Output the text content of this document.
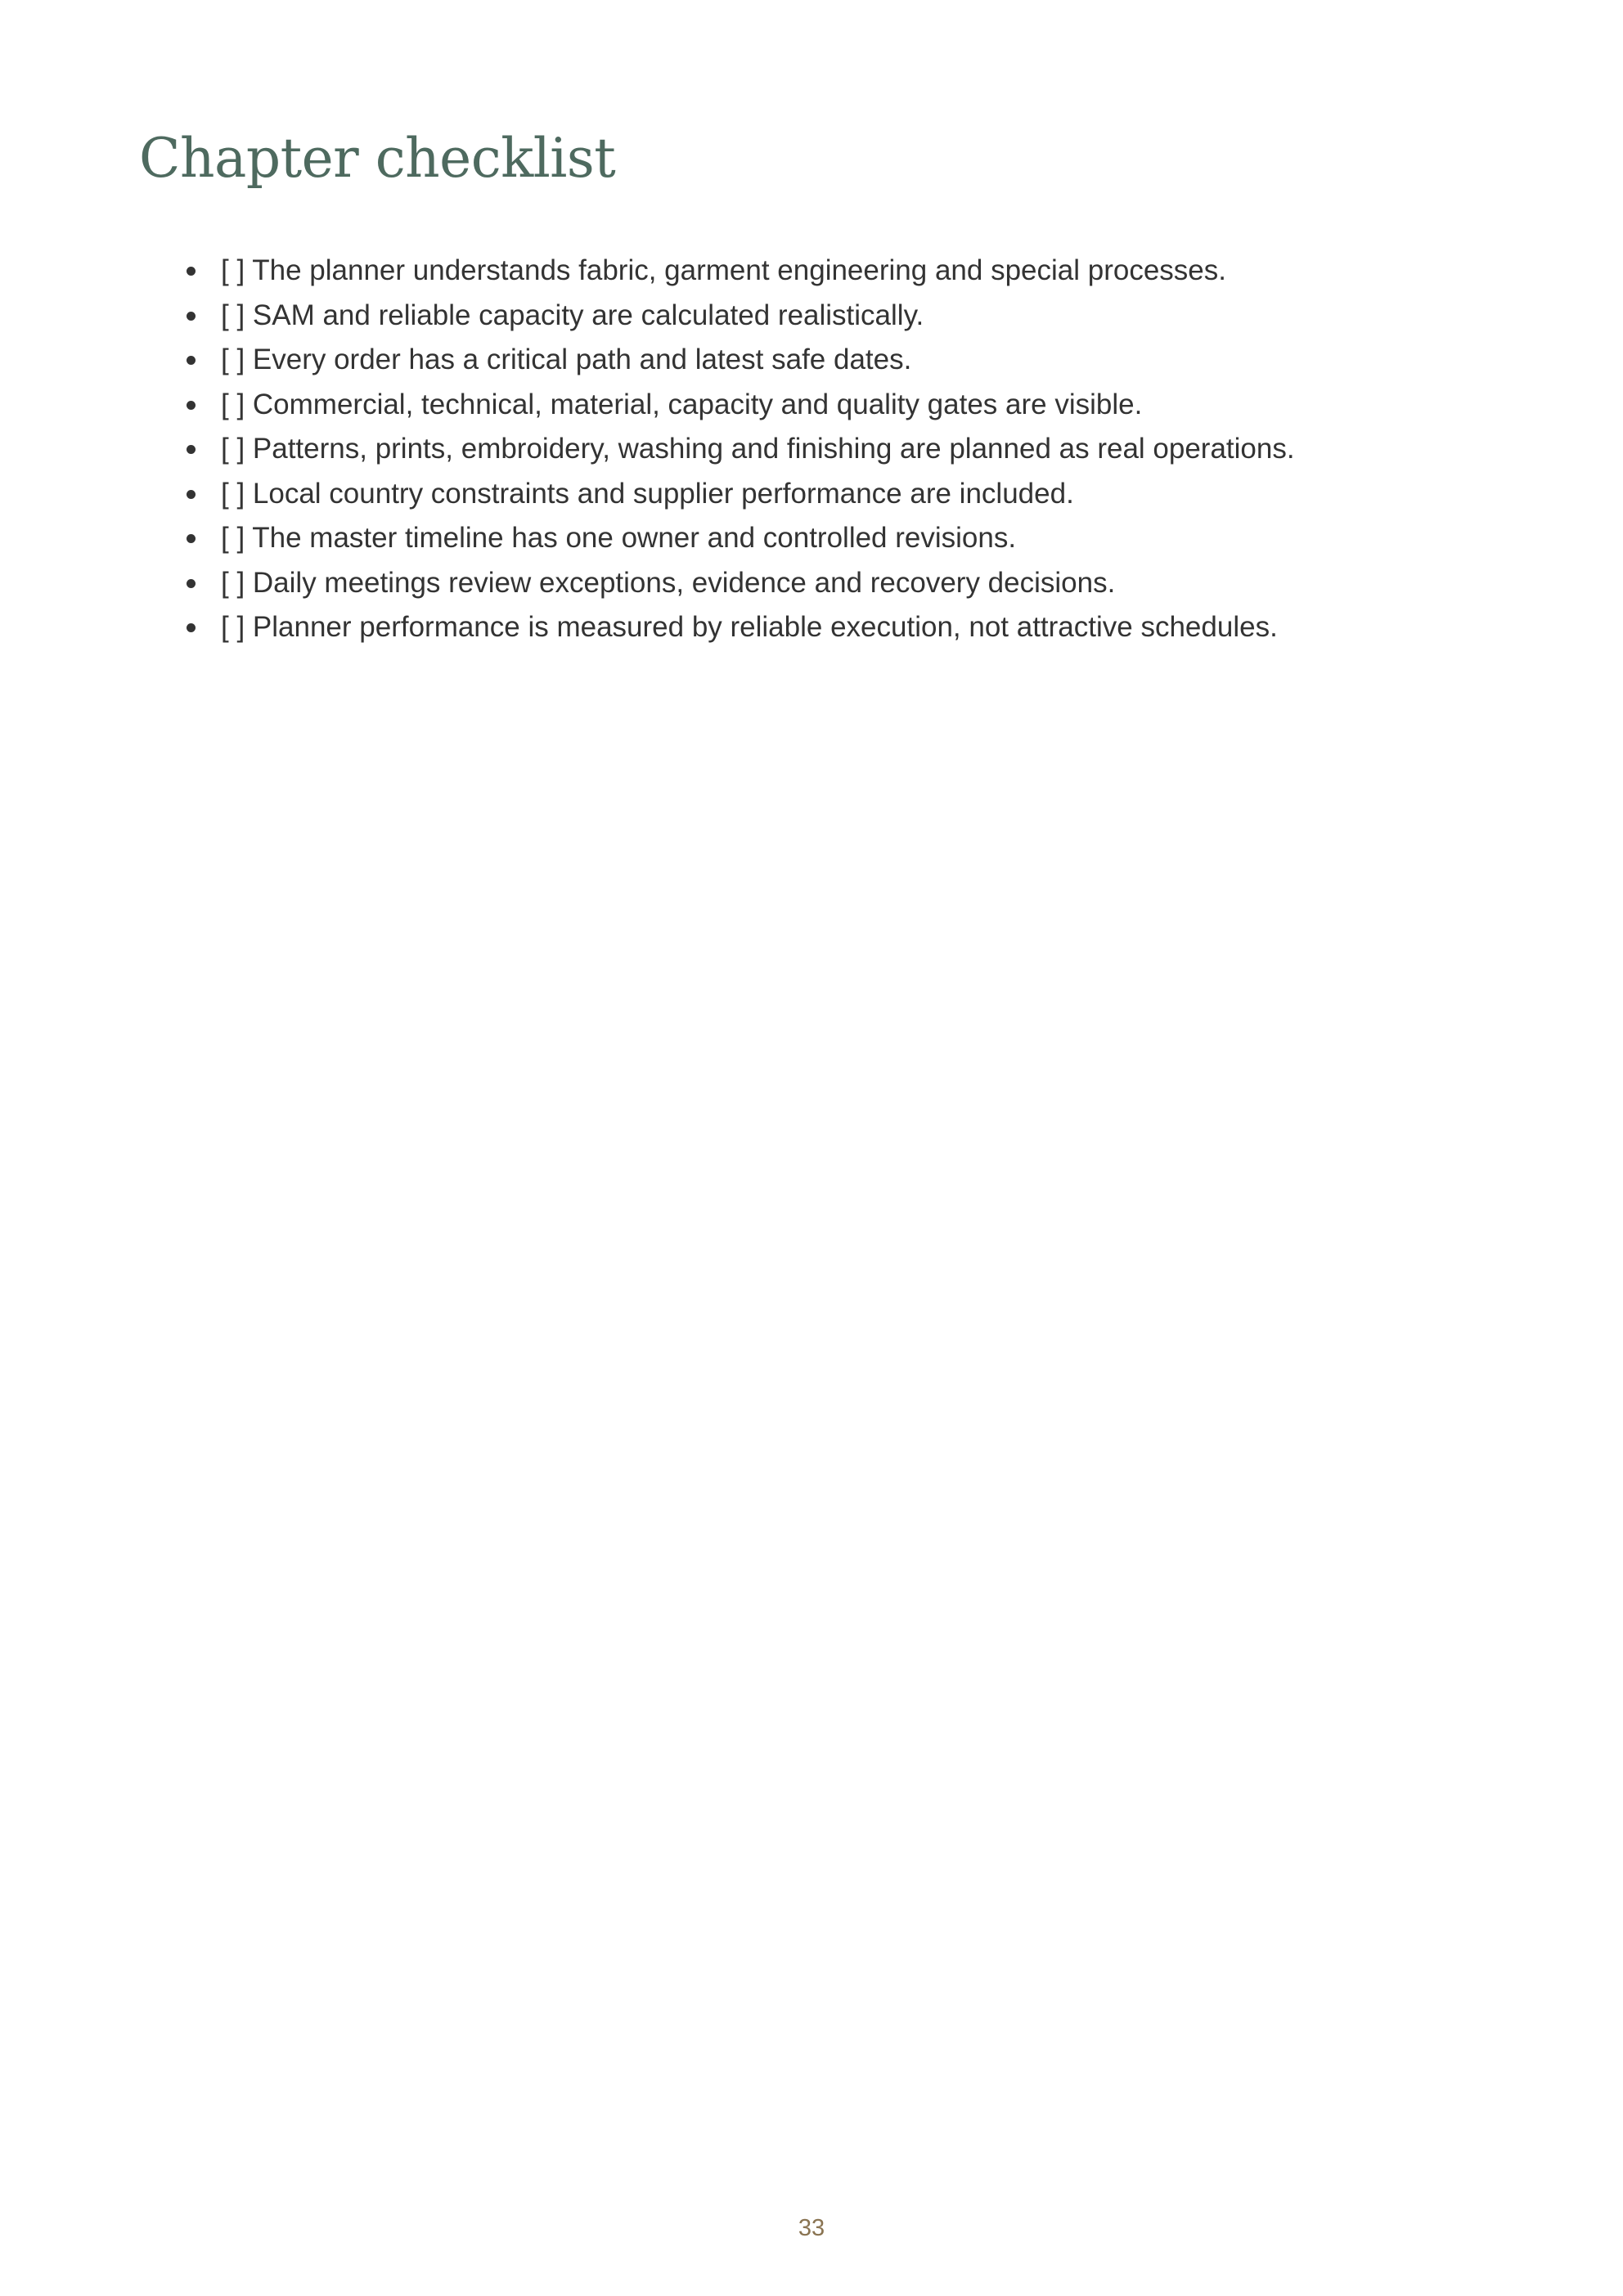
Chapter checklist
[ ] The planner understands fabric, garment engineering and special processes.
[ ] SAM and reliable capacity are calculated realistically.
[ ] Every order has a critical path and latest safe dates.
[ ] Commercial, technical, material, capacity and quality gates are visible.
[ ] Patterns, prints, embroidery, washing and finishing are planned as real operations.
[ ] Local country constraints and supplier performance are included.
[ ] The master timeline has one owner and controlled revisions.
[ ] Daily meetings review exceptions, evidence and recovery decisions.
[ ] Planner performance is measured by reliable execution, not attractive schedules.
33
